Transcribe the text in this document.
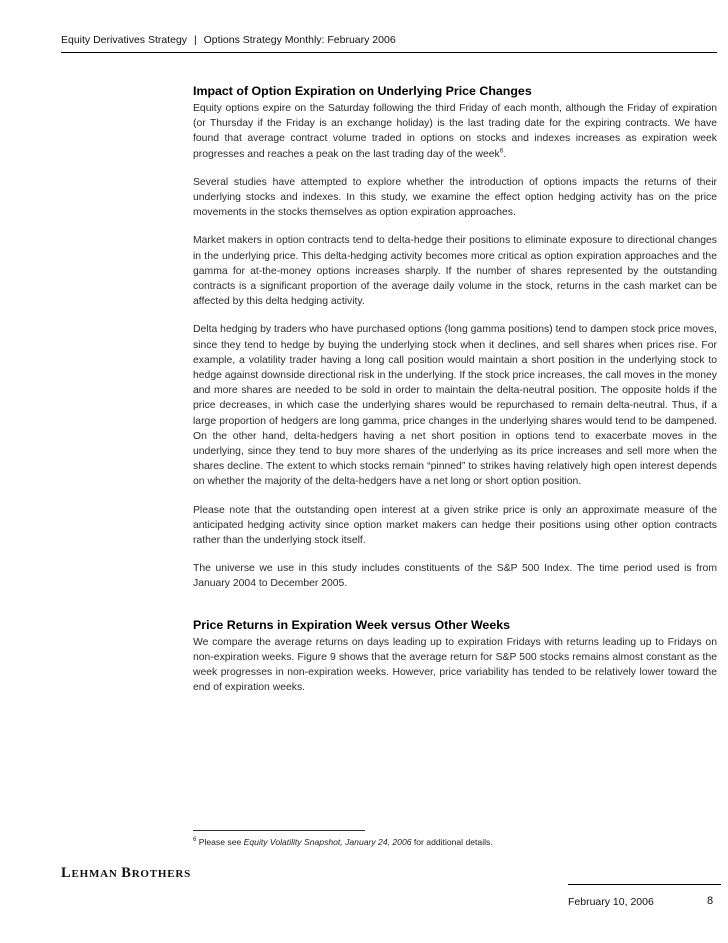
Equity Derivatives Strategy | Options Strategy Monthly: February 2006
Impact of Option Expiration on Underlying Price Changes

Equity options expire on the Saturday following the third Friday of each month, although the Friday of expiration (or Thursday if the Friday is an exchange holiday) is the last trading date for the expiring contracts. We have found that average contract volume traded in options on stocks and indexes increases as expiration week progresses and reaches a peak on the last trading day of the week$^6$.

Several studies have attempted to explore whether the introduction of options impacts the returns of their underlying stocks and indexes. In this study, we examine the effect option hedging activity has on the price movements in the stocks themselves as option expiration approaches.

Market makers in option contracts tend to delta-hedge their positions to eliminate exposure to directional changes in the underlying price. This delta-hedging activity becomes more critical as option expiration approaches and the gamma for at-the-money options increases sharply. If the number of shares represented by the outstanding contracts is a significant proportion of the average daily volume in the stock, returns in the cash market can be affected by this delta hedging activity.

Delta hedging by traders who have purchased options (long gamma positions) tend to dampen stock price moves, since they tend to hedge by buying the underlying stock when it declines, and sell shares when prices rise. For example, a volatility trader having a long call position would maintain a short position in the underlying stock to hedge against downside directional risk in the underlying. If the stock price increases, the call moves in the money and more shares are needed to be sold in order to maintain the delta-neutral position. The opposite holds if the price decreases, in which case the underlying shares would be repurchased to remain delta-neutral. Thus, if a large proportion of hedgers are long gamma, price changes in the underlying shares would tend to be dampened. On the other hand, delta-hedgers having a net short position in options tend to exacerbate moves in the underlying, since they tend to buy more shares of the underlying as its price increases and sell more when the shares decline. The extent to which stocks remain “pinned” to strikes having relatively high open interest depends on whether the majority of the delta-hedgers have a net long or short option position.

Please note that the outstanding open interest at a given strike price is only an approximate measure of the anticipated hedging activity since option market makers can hedge their positions using other option contracts rather than the underlying stock itself.

The universe we use in this study includes constituents of the S&P 500 Index. The time period used is from January 2004 to December 2005.

Price Returns in Expiration Week versus Other Weeks

We compare the average returns on days leading up to expiration Fridays with returns leading up to Fridays on non-expiration weeks. Figure 9 shows that the average return for S&P 500 stocks remains almost constant as the week progresses in non-expiration weeks. However, price variability has tended to be relatively lower toward the end of expiration weeks.

$^6$ Please see Equity Volatility Snapshot, January 24, 2006 for additional details.
LEHMAN BROTHERS
February 10, 2006	8
